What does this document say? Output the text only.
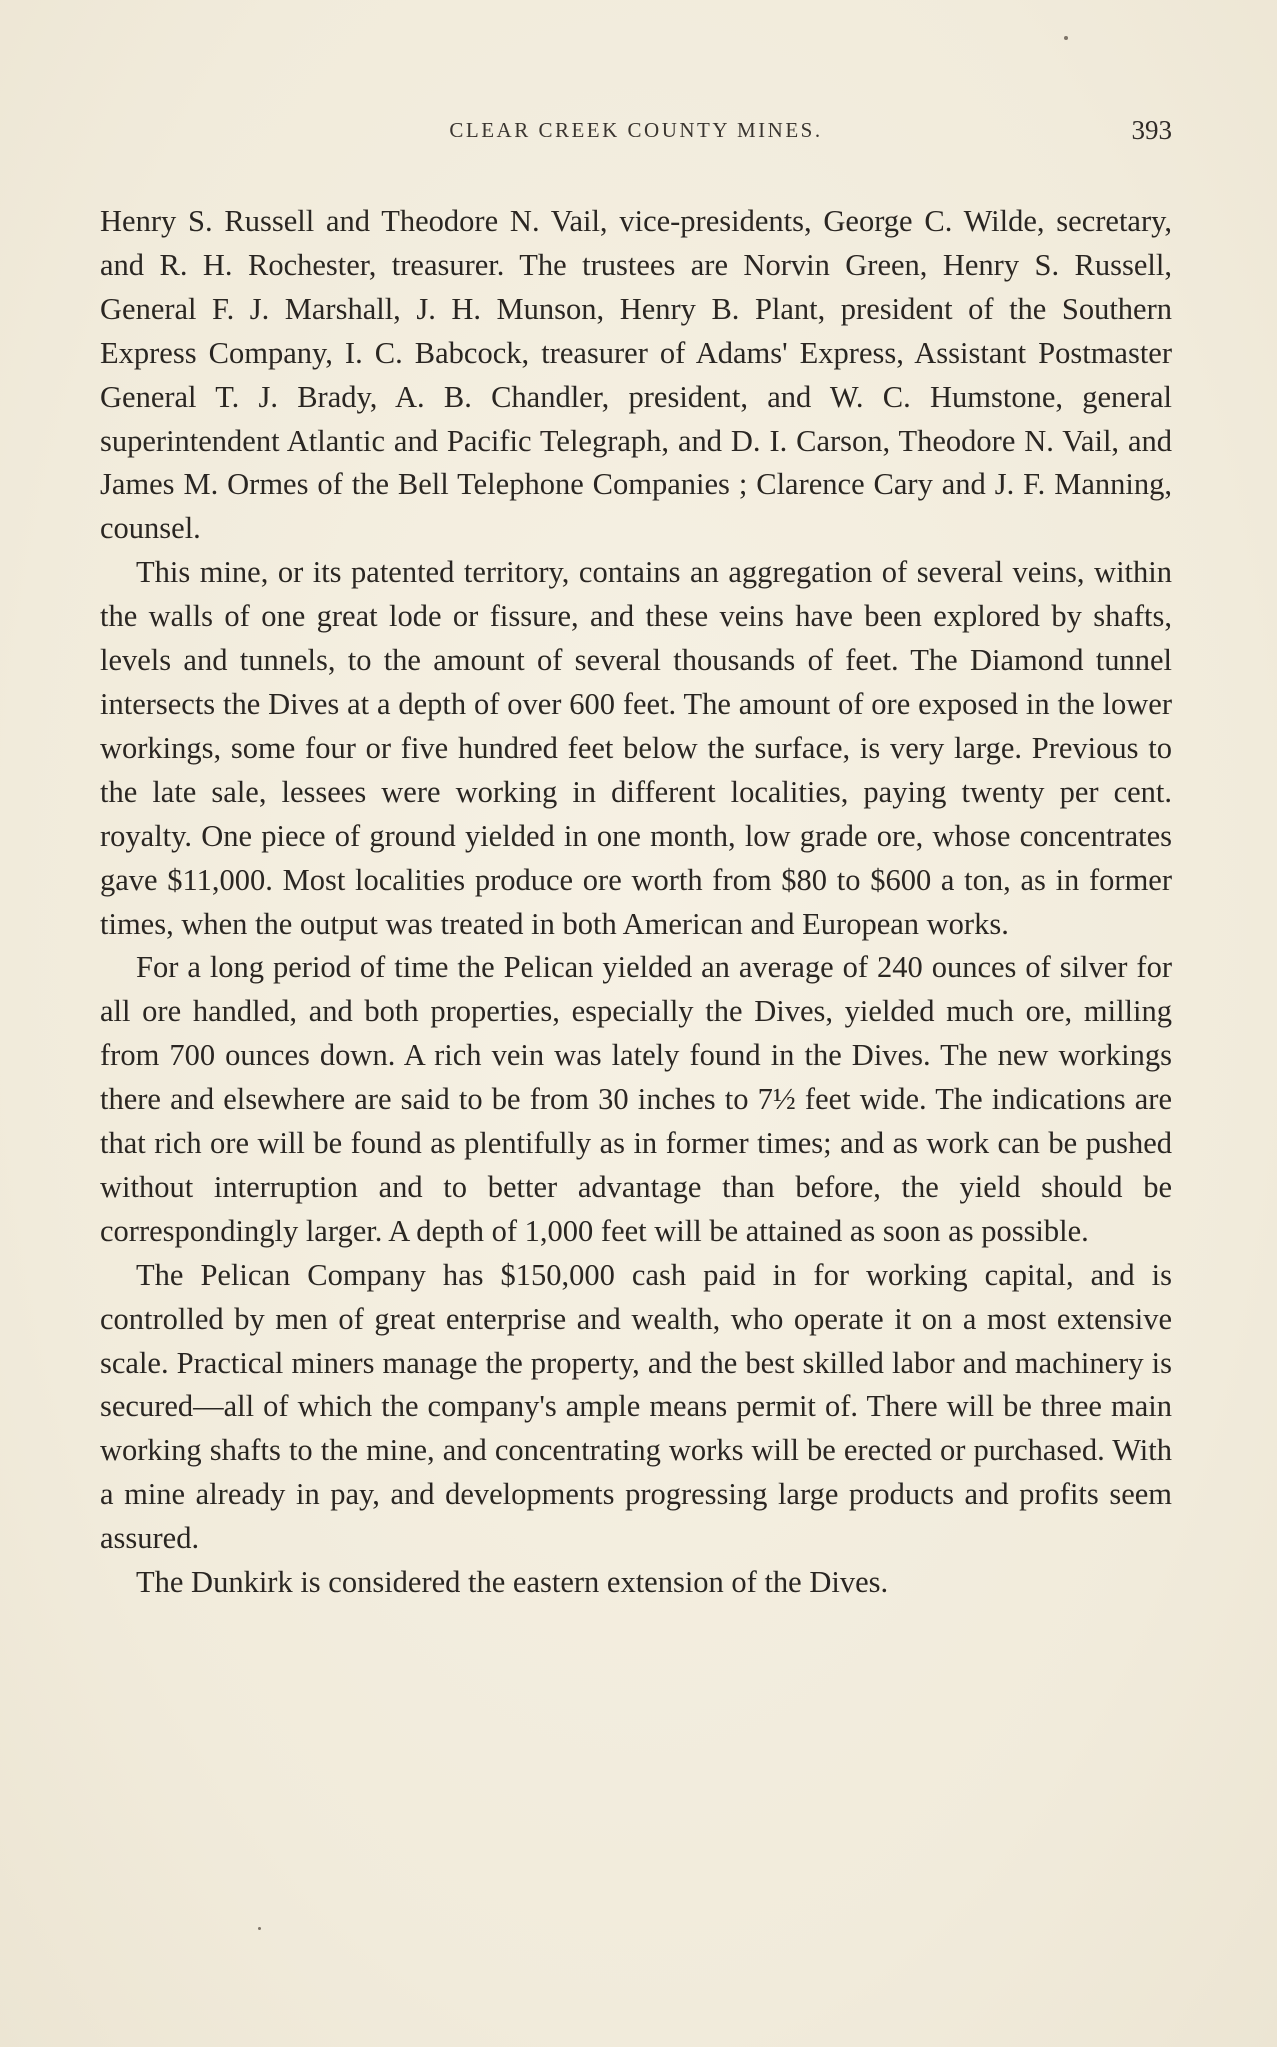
CLEAR CREEK COUNTY MINES.	393

Henry S. Russell and Theodore N. Vail, vice-presidents, George C. Wilde, secretary, and R. H. Rochester, treasurer. The trustees are Norvin Green, Henry S. Russell, General F. J. Marshall, J. H. Munson, Henry B. Plant, president of the Southern Express Company, I. C. Babcock, treasurer of Adams' Express, Assistant Postmaster General T. J. Brady, A. B. Chandler, president, and W. C. Humstone, general superintendent Atlantic and Pacific Telegraph, and D. I. Carson, Theodore N. Vail, and James M. Ormes of the Bell Telephone Companies ; Clarence Cary and J. F. Manning, counsel.

This mine, or its patented territory, contains an aggregation of several veins, within the walls of one great lode or fissure, and these veins have been explored by shafts, levels and tunnels, to the amount of several thousands of feet. The Diamond tunnel intersects the Dives at a depth of over 600 feet. The amount of ore exposed in the lower workings, some four or five hundred feet below the surface, is very large. Previous to the late sale, lessees were working in different localities, paying twenty per cent. royalty. One piece of ground yielded in one month, low grade ore, whose concentrates gave $11,000. Most localities produce ore worth from $80 to $600 a ton, as in former times, when the output was treated in both American and European works.

For a long period of time the Pelican yielded an average of 240 ounces of silver for all ore handled, and both properties, especially the Dives, yielded much ore, milling from 700 ounces down. A rich vein was lately found in the Dives. The new workings there and elsewhere are said to be from 30 inches to 7½ feet wide. The indications are that rich ore will be found as plentifully as in former times; and as work can be pushed without interruption and to better advantage than before, the yield should be correspondingly larger. A depth of 1,000 feet will be attained as soon as possible.

The Pelican Company has $150,000 cash paid in for working capital, and is controlled by men of great enterprise and wealth, who operate it on a most extensive scale. Practical miners manage the property, and the best skilled labor and machinery is secured—all of which the company's ample means permit of. There will be three main working shafts to the mine, and concentrating works will be erected or purchased. With a mine already in pay, and developments progressing large products and profits seem assured.

The Dunkirk is considered the eastern extension of the Dives.
